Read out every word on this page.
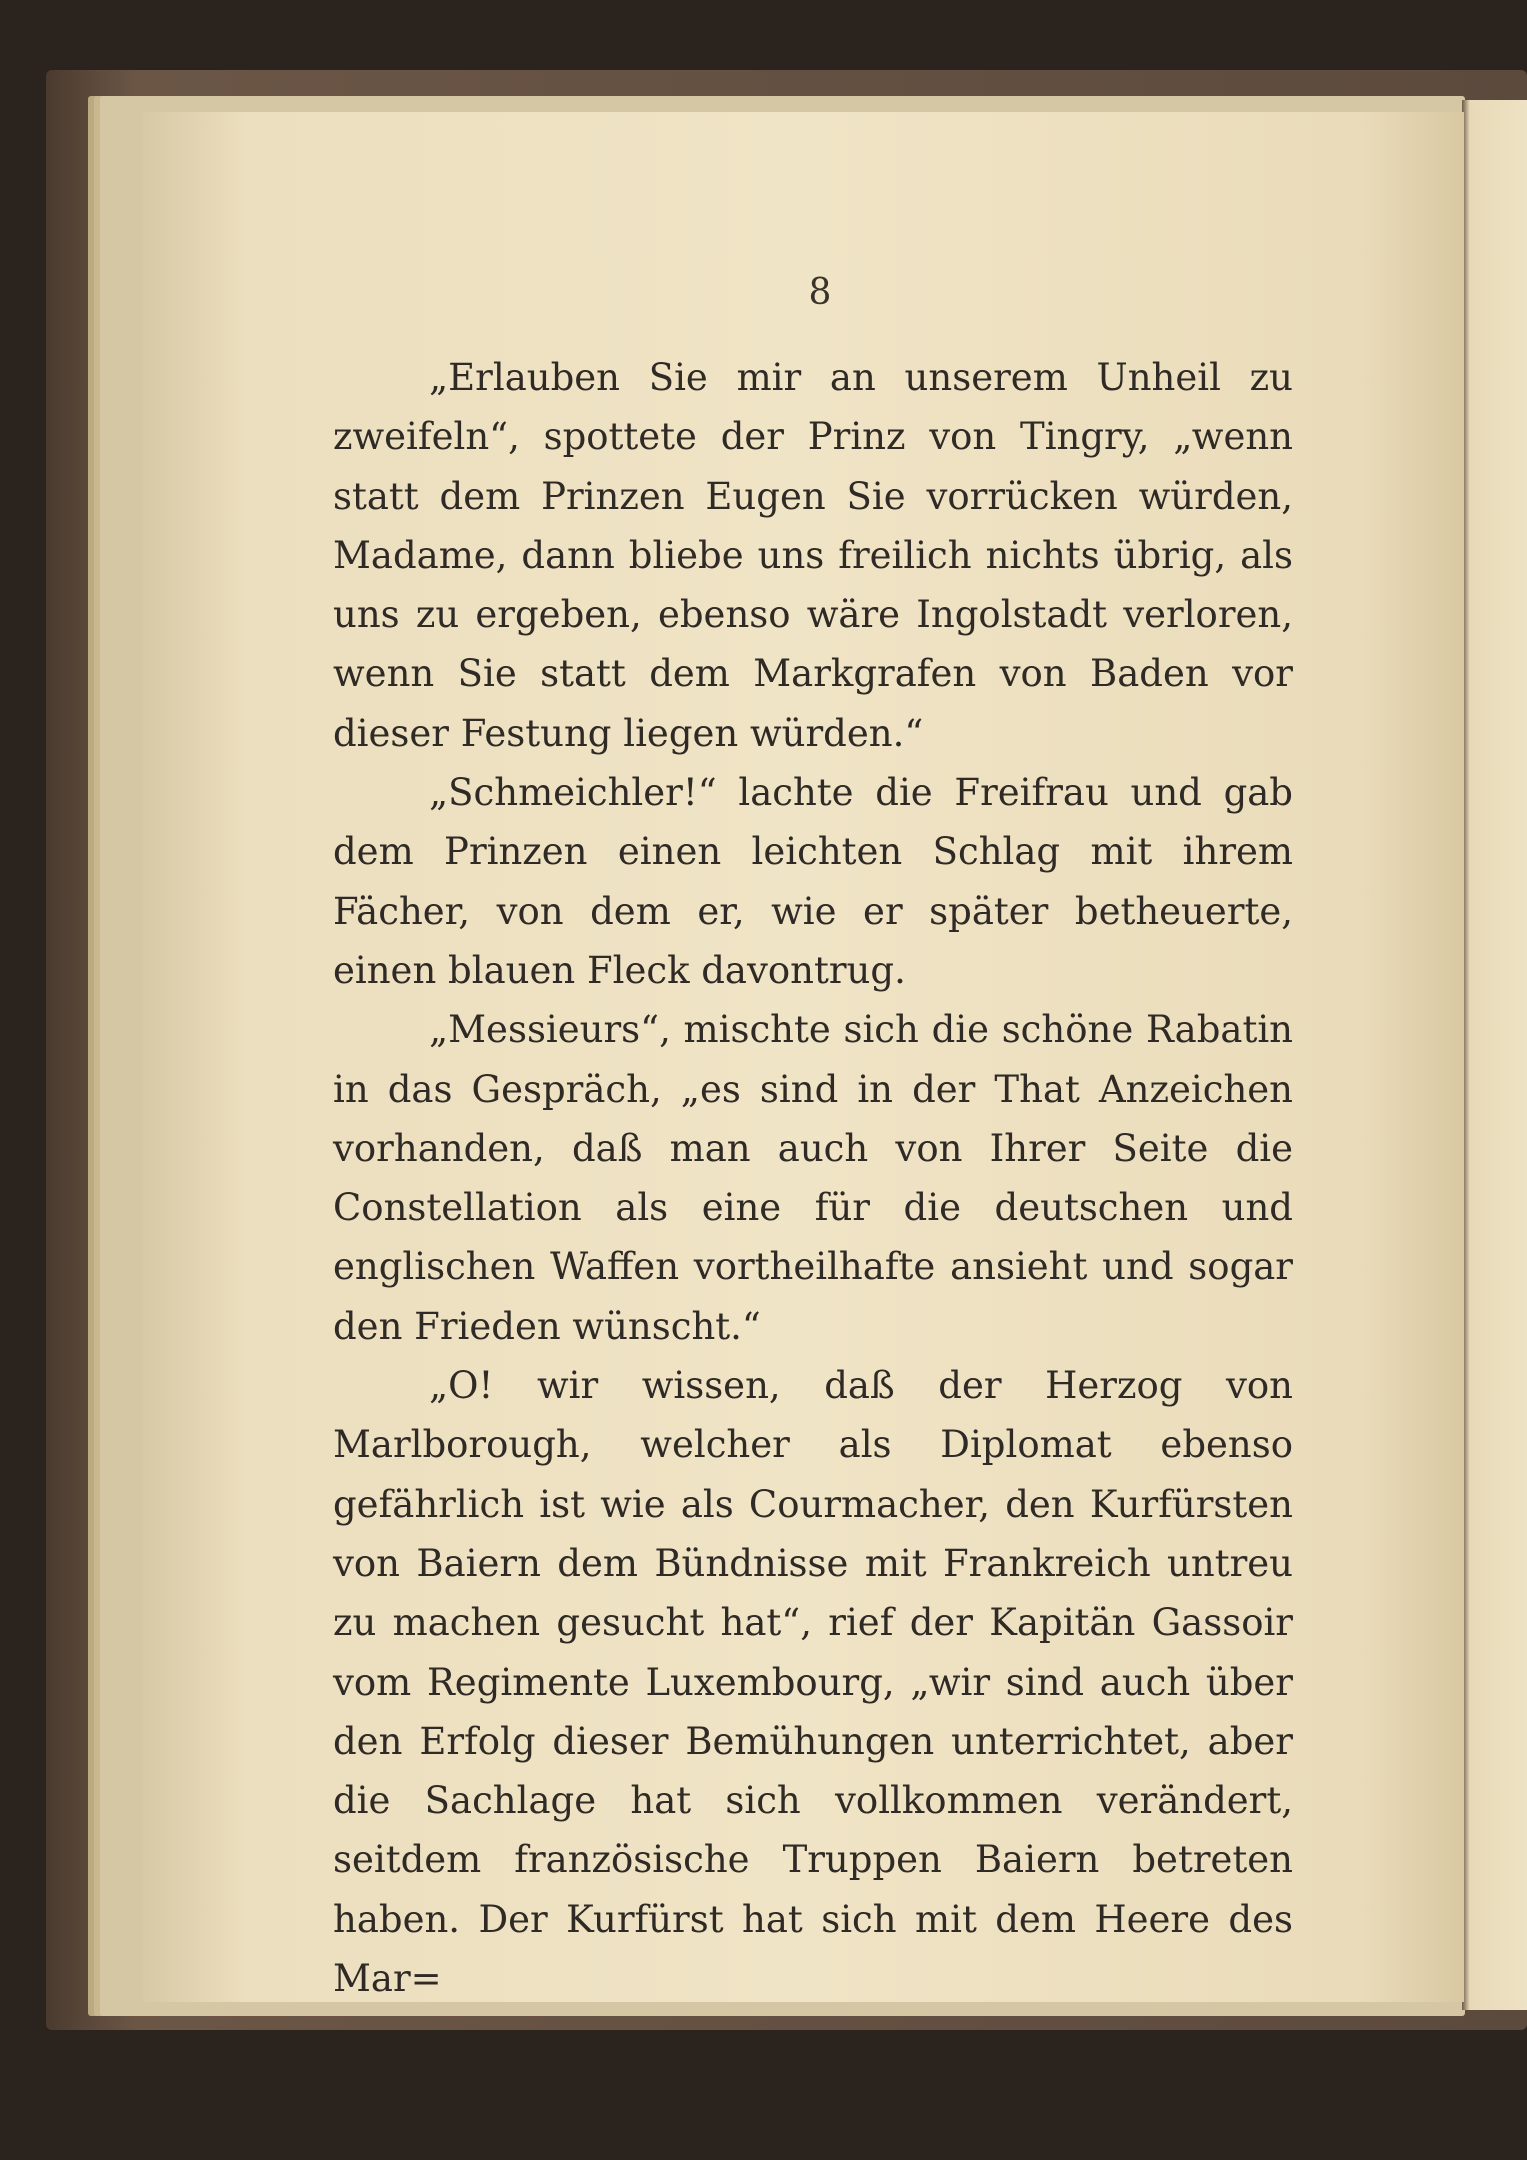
8

„Erlauben Sie mir an unserem Unheil zu zweifeln“, spottete der Prinz von Tingry, „wenn statt dem Prinzen Eugen Sie vorrücken würden, Madame, dann bliebe uns freilich nichts übrig, als uns zu ergeben, ebenso wäre Ingolstadt verloren, wenn Sie statt dem Markgrafen von Baden vor dieser Festung liegen würden.“

„Schmeichler!“ lachte die Freifrau und gab dem Prinzen einen leichten Schlag mit ihrem Fächer, von dem er, wie er später betheuerte, einen blauen Fleck davontrug.

„Messieurs“, mischte sich die schöne Rabatin in das Gespräch, „es sind in der That Anzeichen vorhanden, daß man auch von Ihrer Seite die Constellation als eine für die deutschen und englischen Waffen vortheilhafte ansieht und sogar den Frieden wünscht.“

„O! wir wissen, daß der Herzog von Marlborough, welcher als Diplomat ebenso gefährlich ist wie als Courmacher, den Kurfürsten von Baiern dem Bündnisse mit Frankreich untreu zu machen gesucht hat“, rief der Kapitän Gassoir vom Regimente Luxembourg, „wir sind auch über den Erfolg dieser Bemühungen unterrichtet, aber die Sachlage hat sich vollkommen verändert, seitdem französische Truppen Baiern betreten haben. Der Kurfürst hat sich mit dem Heere des Mar=
